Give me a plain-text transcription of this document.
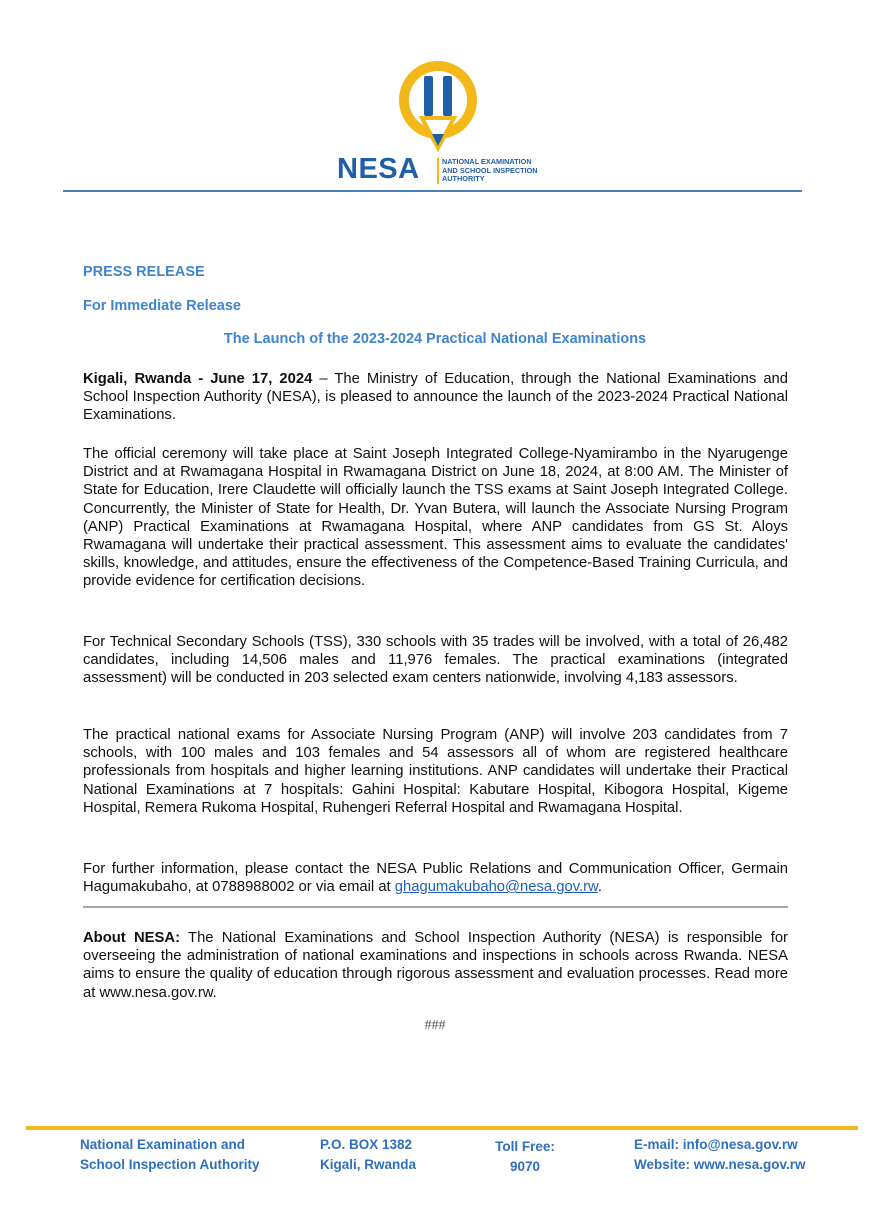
NESA	NATIONAL EXAMINATION
AND SCHOOL INSPECTION
AUTHORITY
PRESS RELEASE
For Immediate Release
The Launch of the 2023-2024 Practical National Examinations

Kigali, Rwanda - June 17, 2024 – The Ministry of Education, through the National Examinations and School Inspection Authority (NESA), is pleased to announce the launch of the 2023-2024 Practical National Examinations.

The official ceremony will take place at Saint Joseph Integrated College-Nyamirambo in the Nyarugenge District and at Rwamagana Hospital in Rwamagana District on June 18, 2024, at 8:00 AM. The Minister of State for Education, Irere Claudette will officially launch the TSS exams at Saint Joseph Integrated College. Concurrently, the Minister of State for Health, Dr. Yvan Butera, will launch the Associate Nursing Program (ANP) Practical Examinations at Rwamagana Hospital, where ANP candidates from GS St. Aloys Rwamagana will undertake their practical assessment. This assessment aims to evaluate the candidates' skills, knowledge, and attitudes, ensure the effectiveness of the Competence-Based Training Curricula, and provide evidence for certification decisions.

For Technical Secondary Schools (TSS), 330 schools with 35 trades will be involved, with a total of 26,482 candidates, including 14,506 males and 11,976 females. The practical examinations (integrated assessment) will be conducted in 203 selected exam centers nationwide, involving 4,183 assessors.

The practical national exams for Associate Nursing Program (ANP) will involve 203 candidates from 7 schools, with 100 males and 103 females and 54 assessors all of whom are registered healthcare professionals from hospitals and higher learning institutions. ANP candidates will undertake their Practical National Examinations at 7 hospitals: Gahini Hospital: Kabutare Hospital, Kibogora Hospital, Kigeme Hospital, Remera Rukoma Hospital, Ruhengeri Referral Hospital and Rwamagana Hospital.

For further information, please contact the NESA Public Relations and Communication Officer, Germain Hagumakubaho, at 0788988002 or via email at ghagumakubaho@nesa.gov.rw.

About NESA: The National Examinations and School Inspection Authority (NESA) is responsible for overseeing the administration of national examinations and inspections in schools across Rwanda. NESA aims to ensure the quality of education through rigorous assessment and evaluation processes. Read more at www.nesa.gov.rw.

###
National Examination and
School Inspection Authority
P.O. BOX 1382
Kigali, Rwanda
Toll Free:
9070
E-mail: info@nesa.gov.rw
Website: www.nesa.gov.rw
